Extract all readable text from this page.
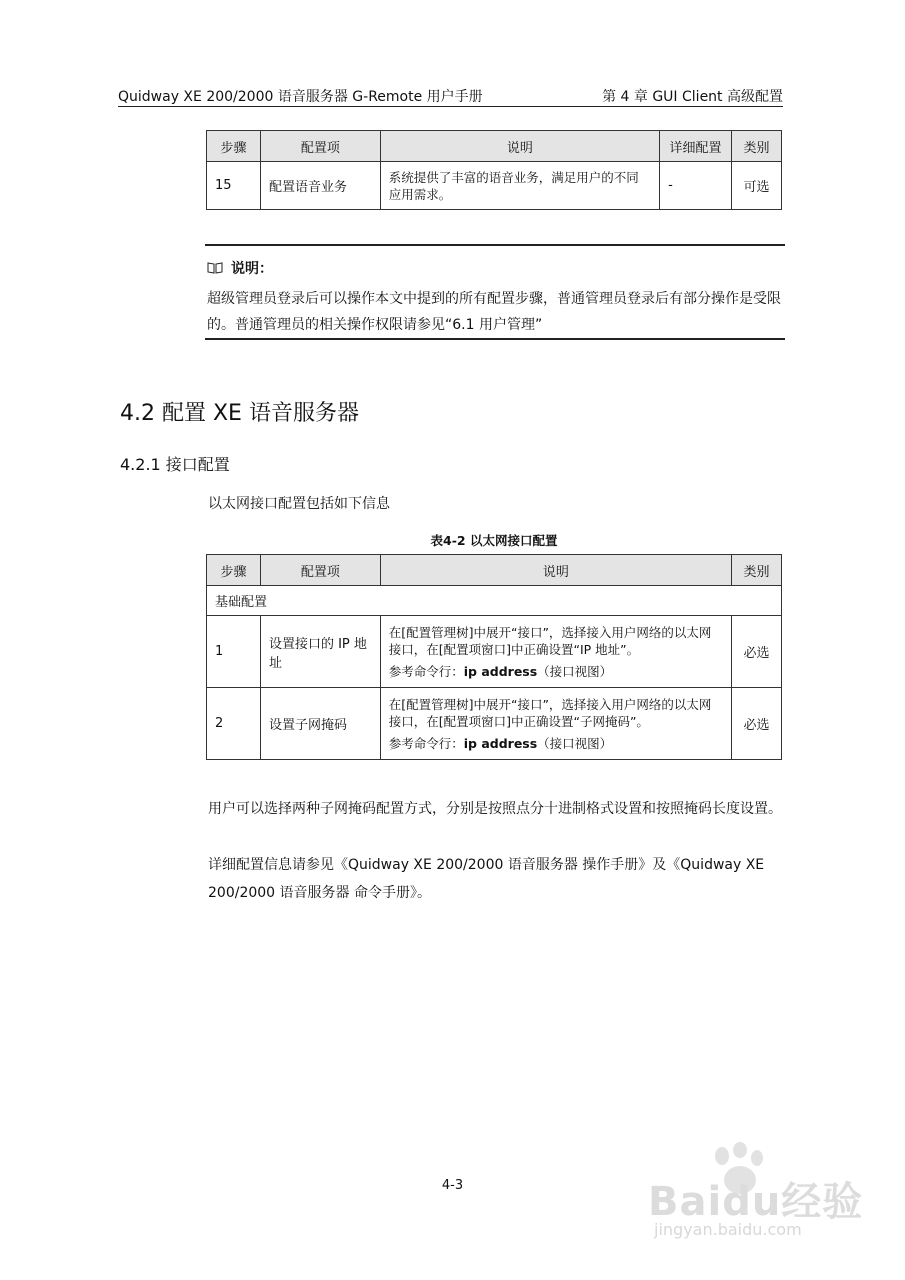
Quidway XE 200/2000 语音服务器 G-Remote 用户手册	第 4 章 GUI Client 高级配置
步骤	配置项	说明	详细配置	类别
15	配置语音业务	系统提供了丰富的语音业务，满足用户的不同应用需求。	-	可选
说明：
超级管理员登录后可以操作本文中提到的所有配置步骤，普通管理员登录后有部分操作是受限的。普通管理员的相关操作权限请参见“6.1 用户管理”
4.2 配置 XE 语音服务器
4.2.1 接口配置
以太网接口配置包括如下信息
表4-2 以太网接口配置
步骤	配置项	说明	类别
基础配置			
1	设置接口的 IP 地址	在[配置管理树]中展开“接口”，选择接入用户网络的以太网接口，在[配置项窗口]中正确设置“IP 地址”。
参考命令行：ip address（接口视图）	必选
2	设置子网掩码	在[配置管理树]中展开“接口”，选择接入用户网络的以太网接口，在[配置项窗口]中正确设置“子网掩码”。
参考命令行：ip address（接口视图）	必选
用户可以选择两种子网掩码配置方式，分别是按照点分十进制格式设置和按照掩码长度设置。
详细配置信息请参见《Quidway XE 200/2000 语音服务器 操作手册》及《Quidway XE 200/2000 语音服务器 命令手册》。
4-3	Baidu经验
jingyan.baidu.com
